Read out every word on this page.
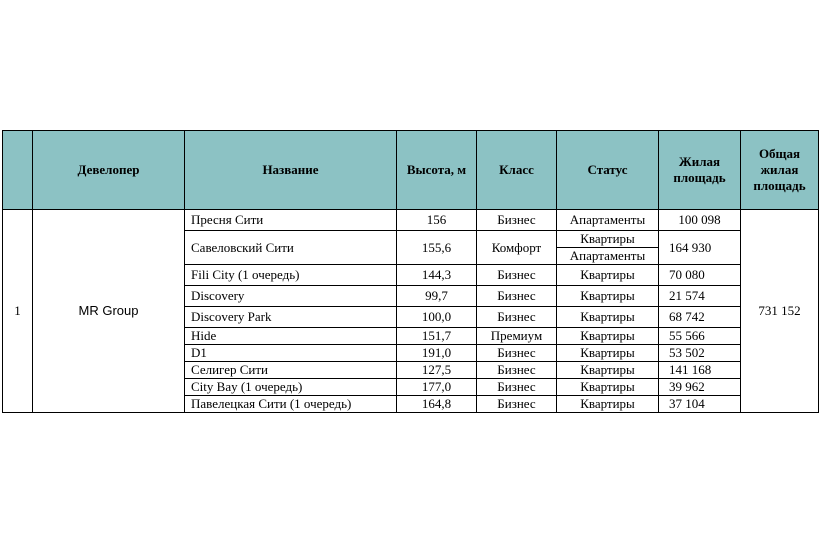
	Девелопер	Название	Высота, м	Класс	Статус	Жилая площадь	Общая жилая площадь
1	MR Group	Пресня Сити	156	Бизнес	Апартаменты	100 098	731 152
		Савеловский Сити	155,6	Комфорт	Квартиры	164 930	
					Апартаменты		
		Fili City (1 очередь)	144,3	Бизнес	Квартиры	70 080	
		Discovery	99,7	Бизнес	Квартиры	21 574	
		Discovery Park	100,0	Бизнес	Квартиры	68 742	
		Hide	151,7	Премиум	Квартиры	55 566	
		D1	191,0	Бизнес	Квартиры	53 502	
		Селигер Сити	127,5	Бизнес	Квартиры	141 168	
		City Bay (1 очередь)	177,0	Бизнес	Квартиры	39 962	
		Павелецкая Сити (1 очередь)	164,8	Бизнес	Квартиры	37 104	
